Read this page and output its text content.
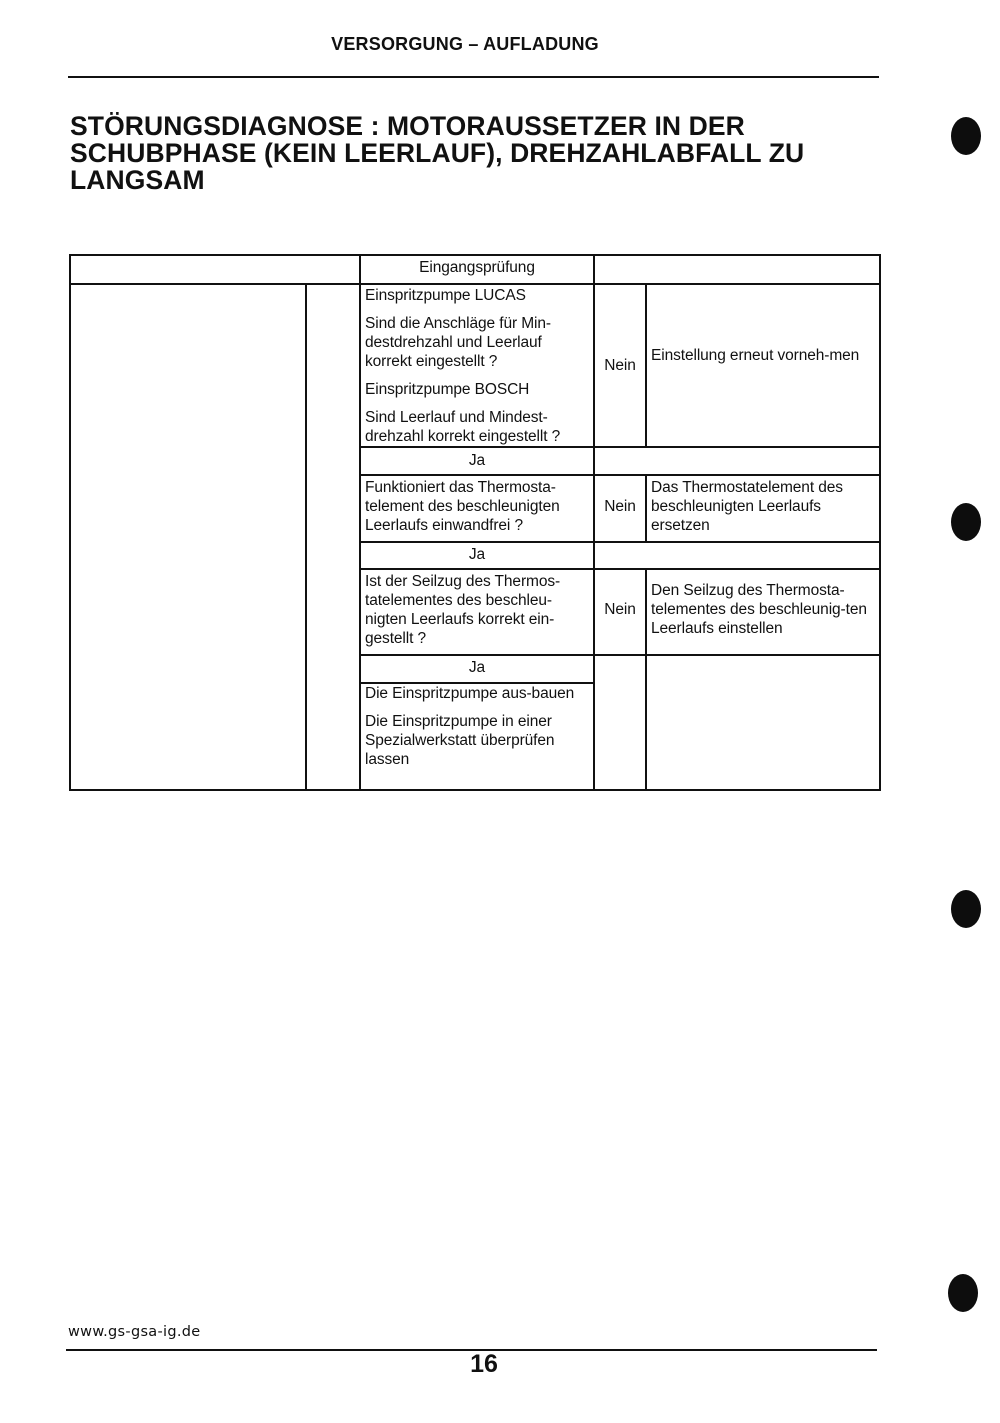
VERSORGUNG – AUFLADUNG
STÖRUNGSDIAGNOSE : MOTORAUSSETZER IN DER SCHUBPHASE (KEIN LEERLAUF), DREHZAHLABFALL ZU LANGSAM
Eingangsprüfung

Einspritzpumpe LUCAS

Sind die Anschläge für Min-destdrehzahl und Leerlauf korrekt eingestellt ?

Einspritzpumpe BOSCH

Sind Leerlauf und Mindest-drehzahl korrekt eingestellt ?

Nein
Einstellung erneut vorneh-men
Ja
Funktioniert das Thermosta-telement des beschleunigten Leerlaufs einwandfrei ?
Nein
Das Thermostatelement des beschleunigten Leerlaufs ersetzen
Ja
Ist der Seilzug des Thermos-tatelementes des beschleu-nigten Leerlaufs korrekt ein-gestellt ?
Nein
Den Seilzug des Thermosta-telementes des beschleunig-ten Leerlaufs einstellen
Ja

Die Einspritzpumpe aus-bauen

Die Einspritzpumpe in einer Spezialwerkstatt überprüfen lassen

www.gs-gsa-ig.de
16
